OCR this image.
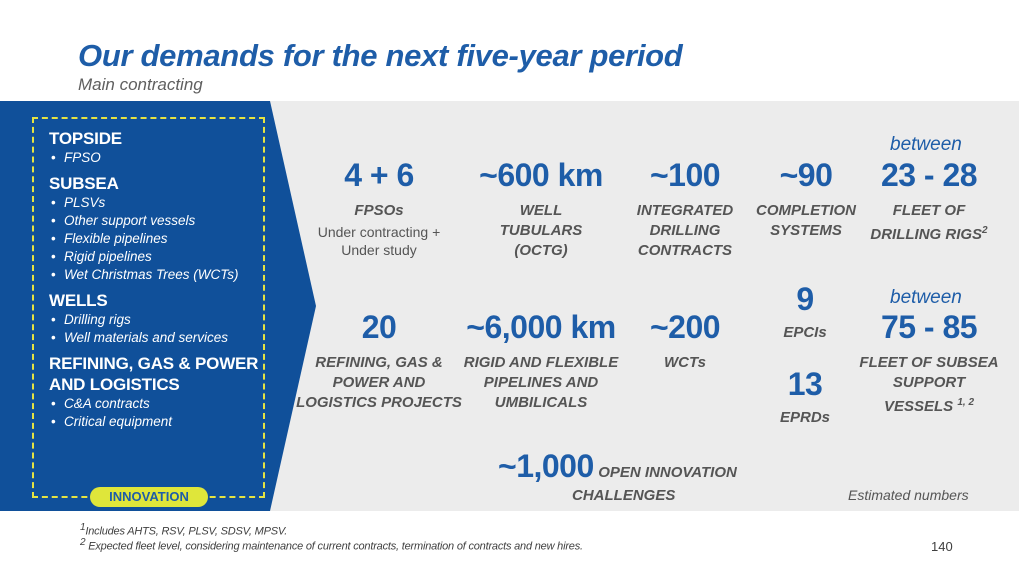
Our demands for the next five-year period
Main contracting
TOPSIDE
• FPSO
SUBSEA
• PLSVs
• Other support vessels
• Flexible pipelines
• Rigid pipelines
• Wet Christmas Trees (WCTs)
WELLS
• Drilling rigs
• Well materials and services
REFINING, GAS & POWER AND LOGISTICS
• C&A contracts
• Critical equipment
INNOVATION
4 + 6
FPSOs
Under contracting +
Under study
~600 km
WELL
TUBULARS
(OCTG)
~100
INTEGRATED
DRILLING
CONTRACTS
~90
COMPLETION
SYSTEMS
between
23 - 28
FLEET OF
DRILLING RIGS$^2$
20
REFINING, GAS &
POWER AND
LOGISTICS PROJECTS
~6,000 km
RIGID AND FLEXIBLE
PIPELINES AND
UMBILICALS
~200
WCTs
9
EPCIs
13
EPRDs
between
75 - 85
FLEET OF SUBSEA
SUPPORT
VESSELS $^{1, 2}$
~1,000 OPEN INNOVATION
CHALLENGES	Estimated numbers
$^1$Includes AHTS, RSV, PLSV, SDSV, MPSV.
$^2$ Expected fleet level, considering maintenance of current contracts, termination of contracts and new hires.	140
